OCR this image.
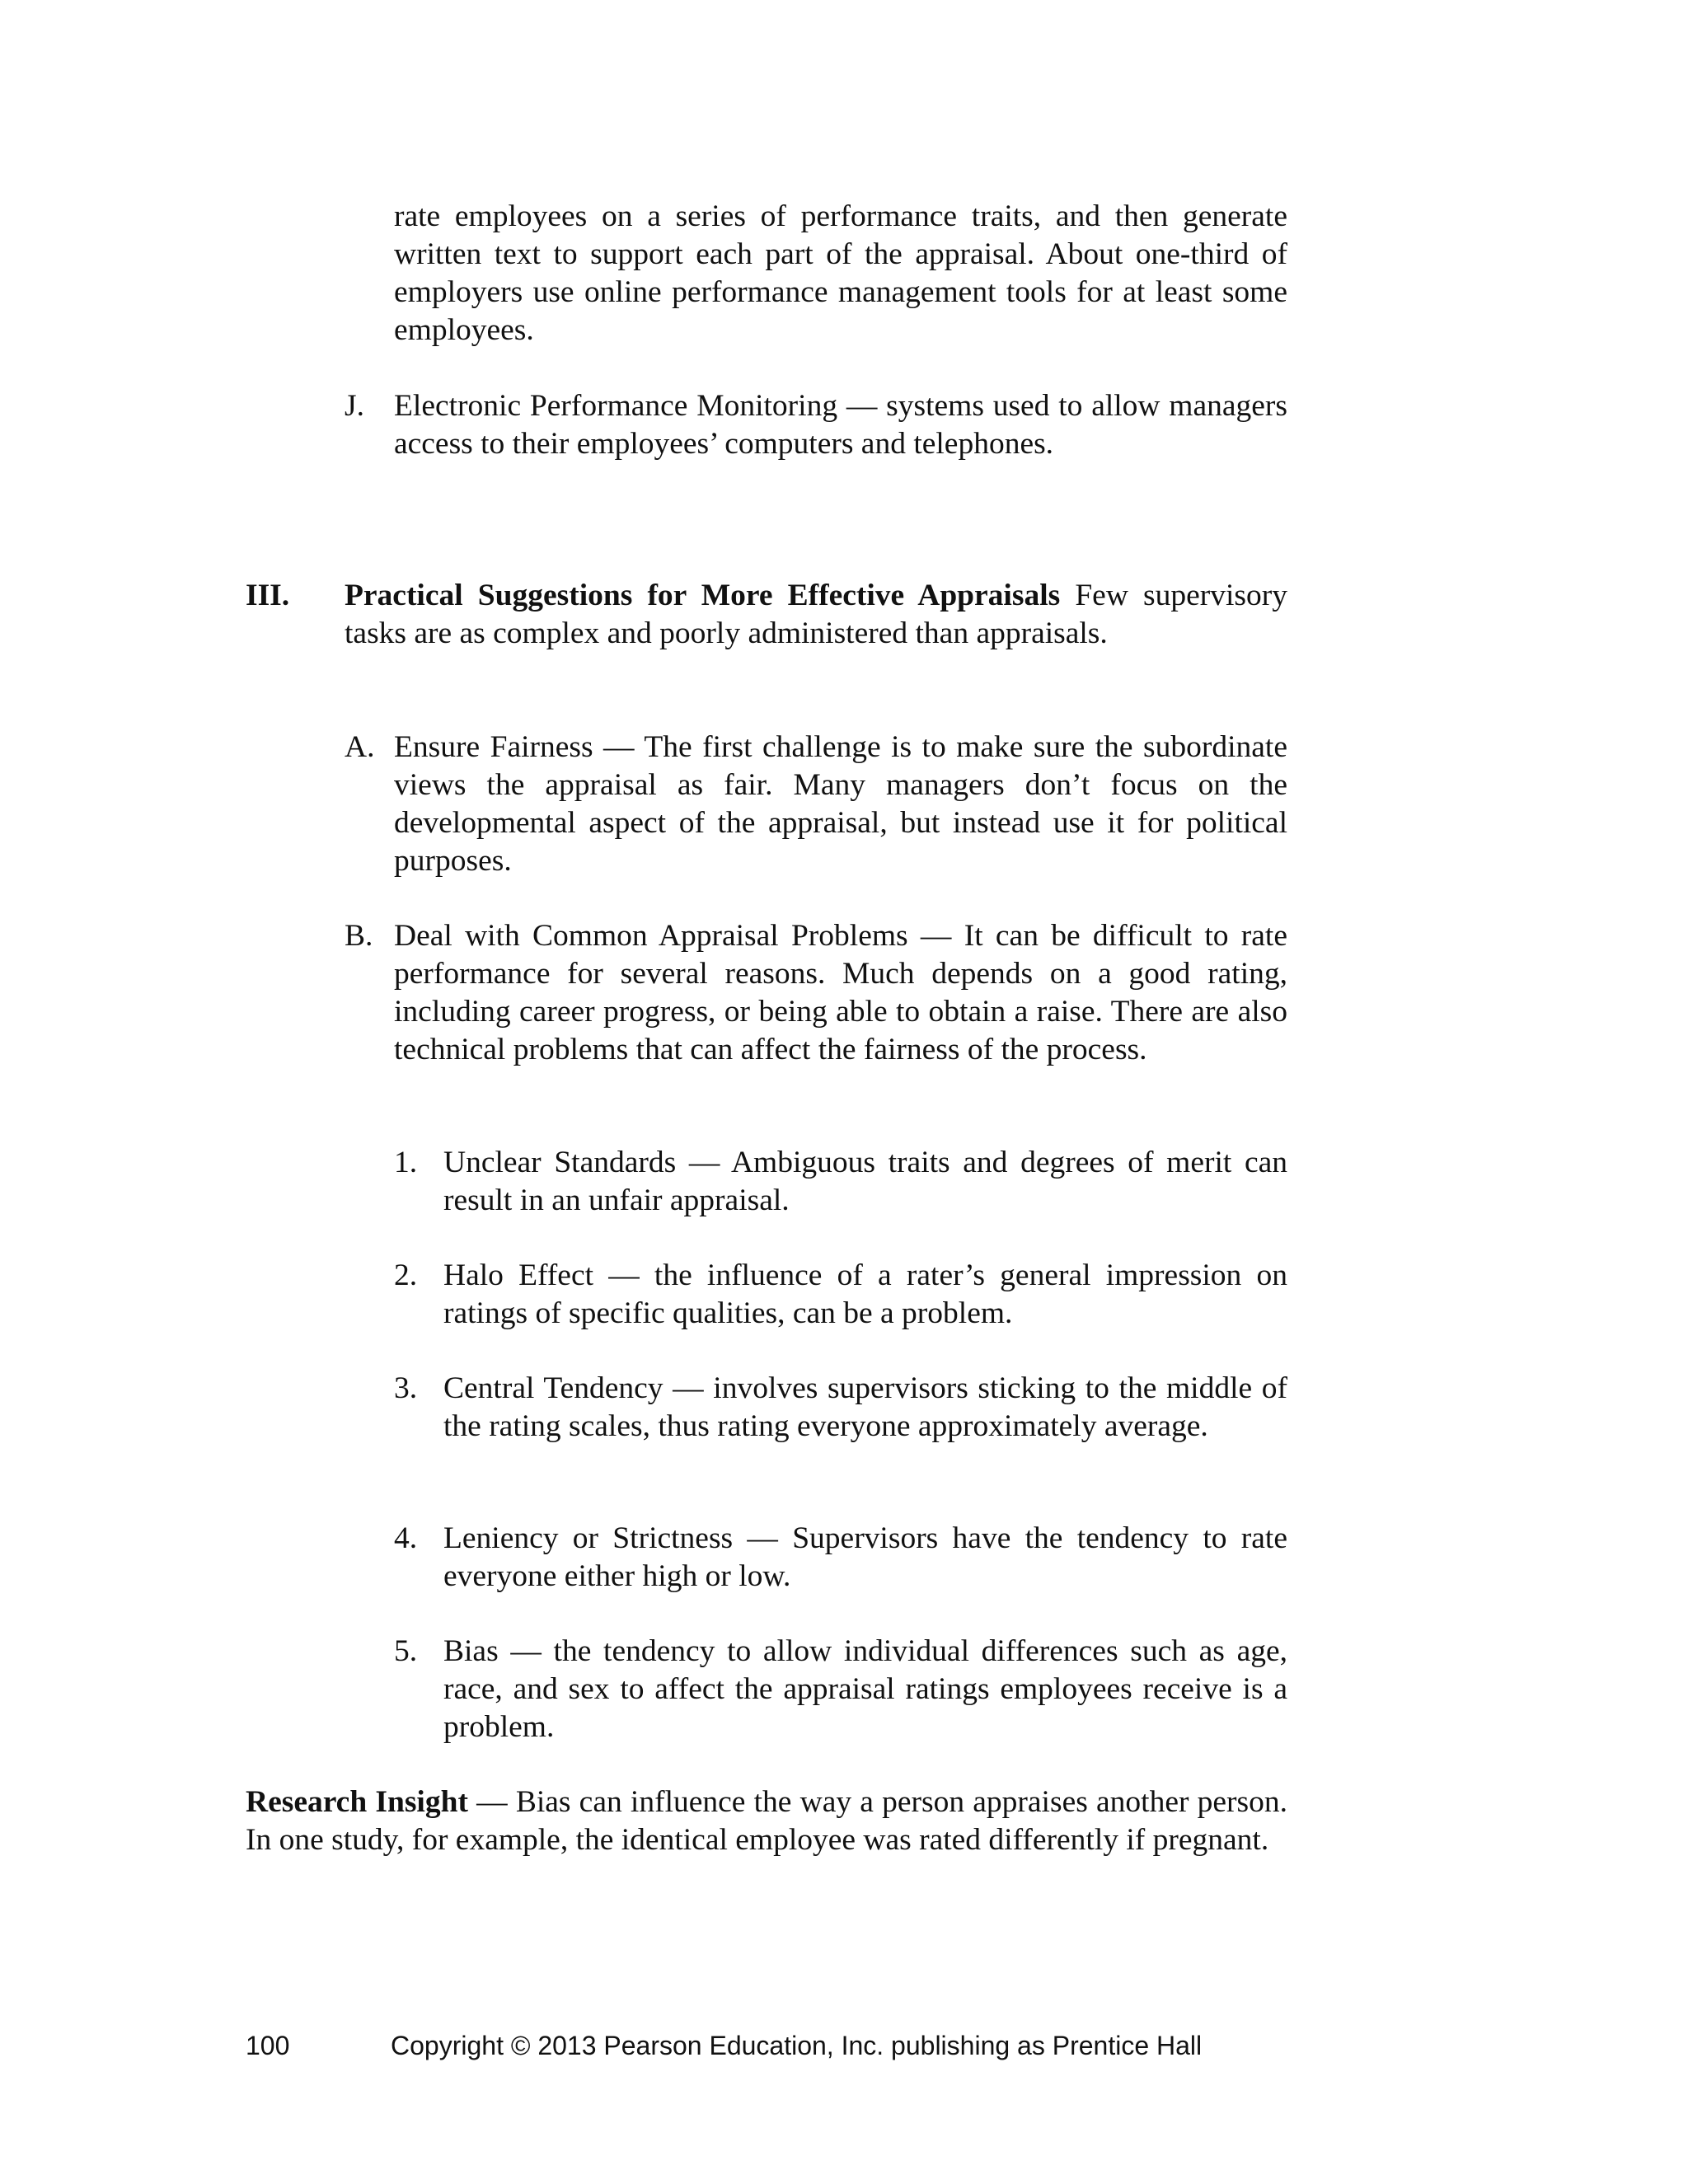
rate employees on a series of performance traits, and then generate written text to support each part of the appraisal. About one-third of employers use online performance management tools for at least some employees.

J. Electronic Performance Monitoring — systems used to allow managers access to their employees’ computers and telephones.

III. Practical Suggestions for More Effective Appraisals Few supervisory tasks are as complex and poorly administered than appraisals.

A. Ensure Fairness — The first challenge is to make sure the subordinate views the appraisal as fair. Many managers don’t focus on the developmental aspect of the appraisal, but instead use it for political purposes.

B. Deal with Common Appraisal Problems — It can be difficult to rate performance for several reasons. Much depends on a good rating, including career progress, or being able to obtain a raise. There are also technical problems that can affect the fairness of the process.

1. Unclear Standards — Ambiguous traits and degrees of merit can result in an unfair appraisal.

2. Halo Effect — the influence of a rater’s general impression on ratings of specific qualities, can be a problem.

3. Central Tendency — involves supervisors sticking to the middle of the rating scales, thus rating everyone approximately average.

4. Leniency or Strictness — Supervisors have the tendency to rate everyone either high or low.

5. Bias — the tendency to allow individual differences such as age, race, and sex to affect the appraisal ratings employees receive is a problem.

Research Insight — Bias can influence the way a person appraises another person. In one study, for example, the identical employee was rated differently if pregnant.

100	Copyright © 2013 Pearson Education, Inc. publishing as Prentice Hall
